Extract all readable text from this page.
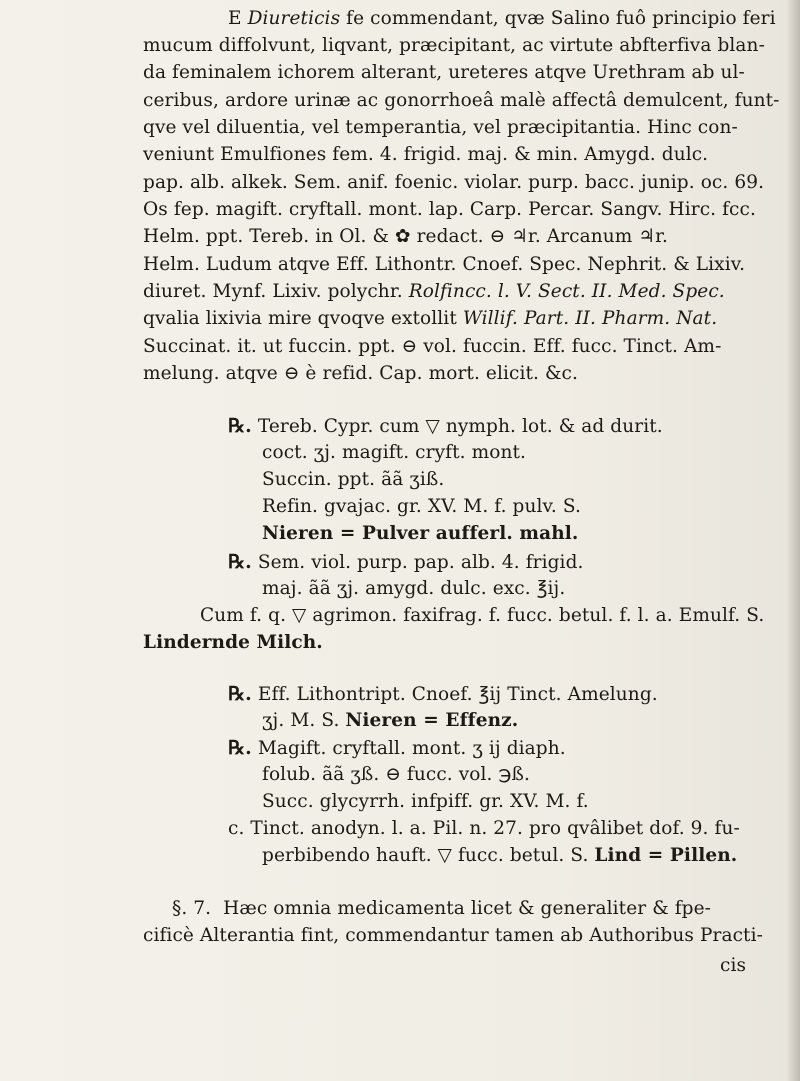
E Diureticis fe commendant, qvæ Salino fuô principio feri
mucum diffolvunt, liqvant, præcipitant, ac virtute abfterfiva blan-
da feminalem ichorem alterant, ureteres atqve Urethram ab ul-
ceribus, ardore urinæ ac gonorrhoeâ malè affectâ demulcent, funt-
qve vel diluentia, vel temperantia, vel præcipitantia. Hinc con-
veniunt Emulfiones fem. 4. frigid. maj. & min. Amygd. dulc.
pap. alb. alkek. Sem. anif. foenic. violar. purp. bacc. junip. oc. 69.
Os fep. magift. cryftall. mont. lap. Carp. Percar. Sangv. Hirc. fcc.
Helm. ppt. Tereb. in Ol. & ✿ redact. ⊖ ♃r. Arcanum ♃r.
Helm. Ludum atqve Eff. Lithontr. Cnoef. Spec. Nephrit. & Lixiv.
diuret. Mynf. Lixiv. polychr. Rolfincc. l. V. Sect. II. Med. Spec.
qvalia lixivia mire qvoqve extollit Willif. Part. II. Pharm. Nat.
Succinat. it. ut fuccin. ppt. ⊖ vol. fuccin. Eff. fucc. Tinct. Am-
melung. atqve ⊖ è refid. Cap. mort. elicit. &c.
℞. Tereb. Cypr. cum ▽ nymph. lot. & ad durit.
coct. ʒj. magift. cryft. mont.
Succin. ppt. ãã ʒiß.
Refin. gvajac. gr. XV. M. f. pulv. S.
Nieren = Pulver aufferl. mahl.
℞. Sem. viol. purp. pap. alb. 4. frigid.
maj. ãã ʒj. amygd. dulc. exc. ℥ij.
Cum f. q. ▽ agrimon. faxifrag. f. fucc. betul. f. l. a. Emulf. S.
Lindernde Milch.
℞. Eff. Lithontript. Cnoef. ℥ij Tinct. Amelung.
ʒj. M. S. Nieren = Effenz.
℞. Magift. cryftall. mont. ʒ ij diaph.
folub. ãã ʒß. ⊖ fucc. vol. ℈ß.
Succ. glycyrrh. infpiff. gr. XV. M. f.
c. Tinct. anodyn. l. a. Pil. n. 27. pro qvâlibet dof. 9. fu-
perbibendo hauft. ▽ fucc. betul. S. Lind = Pillen.
§. 7. Hæc omnia medicamenta licet & generaliter & fpe-
cificè Alterantia fint, commendantur tamen ab Authoribus Practi-
cis
